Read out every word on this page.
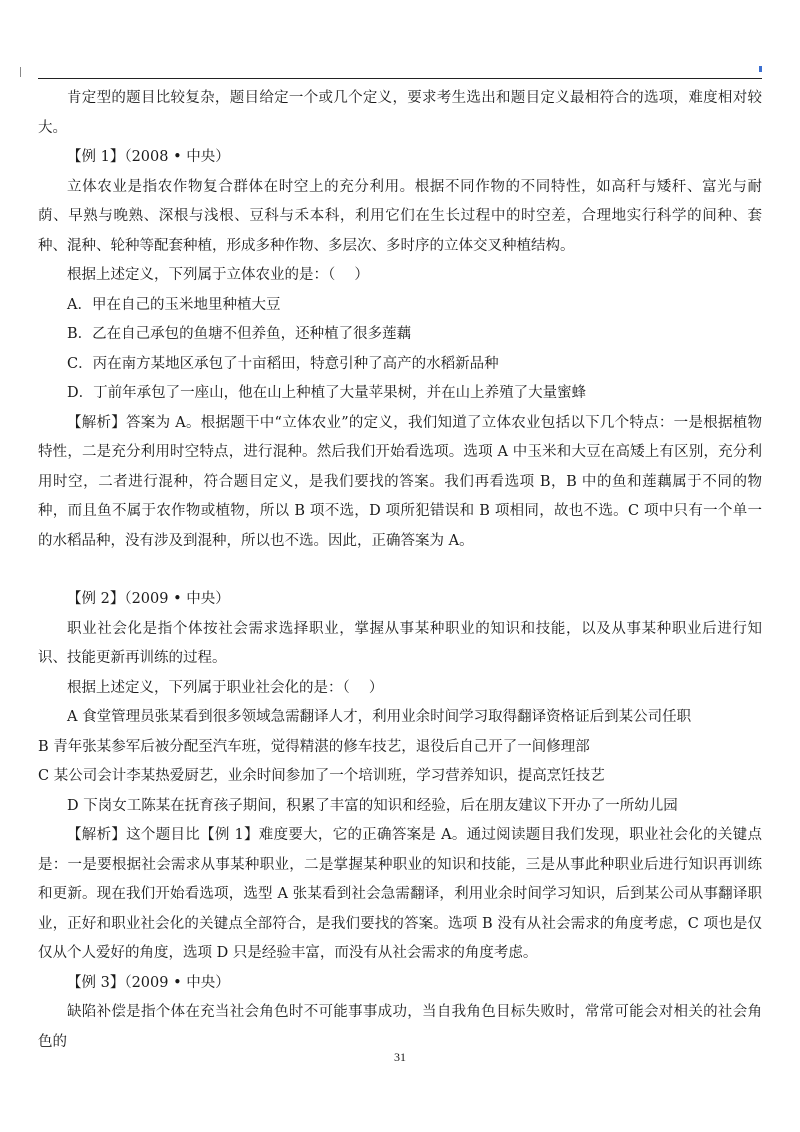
肯定型的题目比较复杂，题目给定一个或几个定义，要求考生选出和题目定义最相符合的选项，难度相对较大。

【例 1】（2008 • 中央）

立体农业是指农作物复合群体在时空上的充分利用。根据不同作物的不同特性，如高秆与矮秆、富光与耐荫、早熟与晚熟、深根与浅根、豆科与禾本科，利用它们在生长过程中的时空差，合理地实行科学的间种、套种、混种、轮种等配套种植，形成多种作物、多层次、多时序的立体交叉种植结构。

根据上述定义，下列属于立体农业的是：（　 ）

A．甲在自己的玉米地里种植大豆

B．乙在自己承包的鱼塘不但养鱼，还种植了很多莲藕

C．丙在南方某地区承包了十亩稻田，特意引种了高产的水稻新品种

D．丁前年承包了一座山，他在山上种植了大量苹果树，并在山上养殖了大量蜜蜂

【解析】答案为 A。根据题干中“立体农业”的定义，我们知道了立体农业包括以下几个特点：一是根据植物特性，二是充分利用时空特点，进行混种。然后我们开始看选项。选项 A 中玉米和大豆在高矮上有区别，充分利用时空，二者进行混种，符合题目定义，是我们要找的答案。我们再看选项 B，B 中的鱼和莲藕属于不同的物种，而且鱼不属于农作物或植物，所以 B 项不选，D 项所犯错误和 B 项相同，故也不选。C 项中只有一个单一的水稻品种，没有涉及到混种，所以也不选。因此，正确答案为 A。

【例 2】（2009 • 中央）

职业社会化是指个体按社会需求选择职业，掌握从事某种职业的知识和技能，以及从事某种职业后进行知识、技能更新再训练的过程。

根据上述定义，下列属于职业社会化的是：（　 ）

A 食堂管理员张某看到很多领域急需翻译人才，利用业余时间学习取得翻译资格证后到某公司任职

B 青年张某参军后被分配至汽车班，觉得精湛的修车技艺，退役后自己开了一间修理部

C 某公司会计李某热爱厨艺，业余时间参加了一个培训班，学习营养知识，提高烹饪技艺

D 下岗女工陈某在抚育孩子期间，积累了丰富的知识和经验，后在朋友建议下开办了一所幼儿园

【解析】这个题目比【例 1】难度要大，它的正确答案是 A。通过阅读题目我们发现，职业社会化的关键点是：一是要根据社会需求从事某种职业，二是掌握某种职业的知识和技能，三是从事此种职业后进行知识再训练和更新。现在我们开始看选项，选型 A 张某看到社会急需翻译，利用业余时间学习知识，后到某公司从事翻译职业，正好和职业社会化的关键点全部符合，是我们要找的答案。选项 B 没有从社会需求的角度考虑，C 项也是仅仅从个人爱好的角度，选项 D 只是经验丰富，而没有从社会需求的角度考虑。

【例 3】（2009 • 中央）

缺陷补偿是指个体在充当社会角色时不可能事事成功，当自我角色目标失败时，常常可能会对相关的社会角色的

31
